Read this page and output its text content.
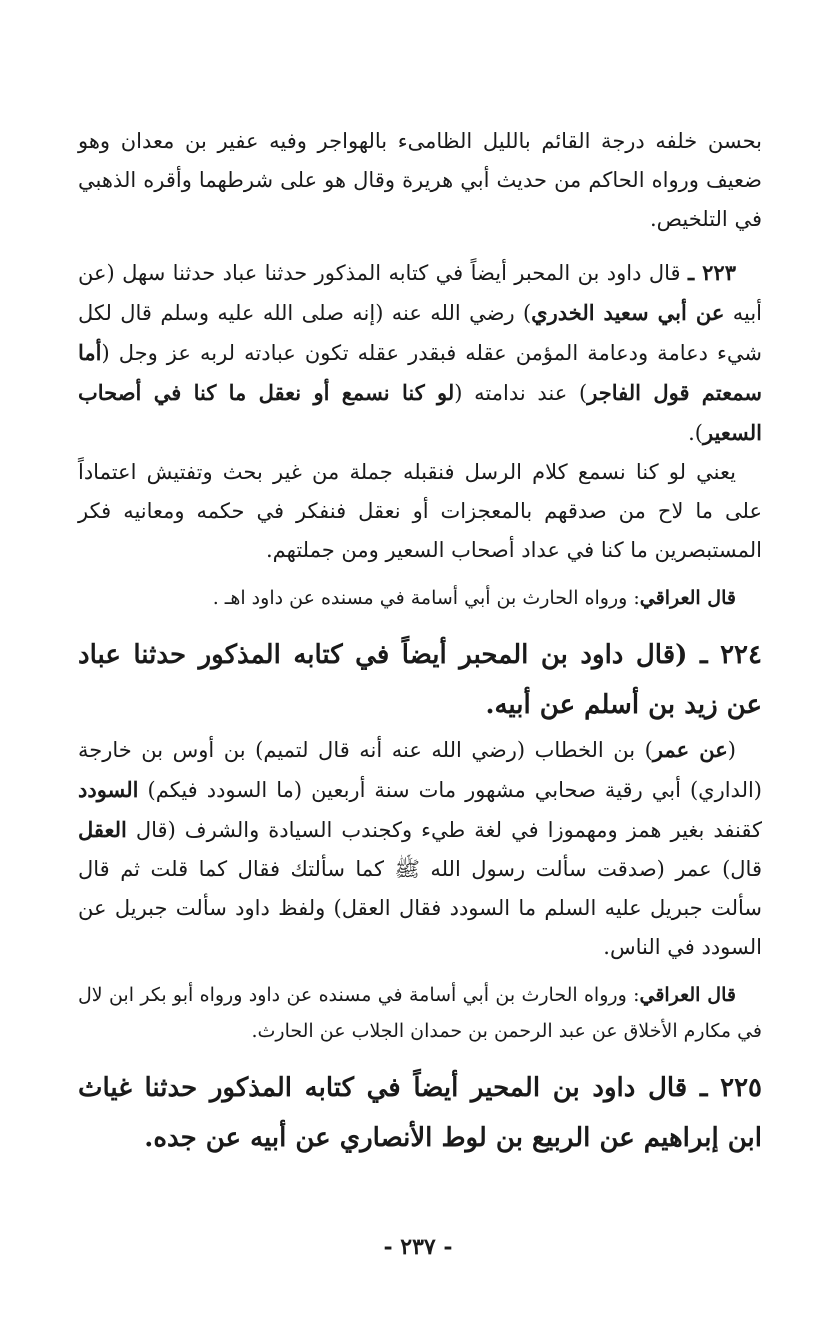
بحسن خلفه درجة القائم بالليل الظامىء بالهواجر وفيه عفير بن معدان وهو ضعيف ورواه الحاكم من حديث أبي هريرة وقال هو على شرطهما وأقره الذهبي في التلخيص.

٢٢٣ ـ قال داود بن المحبر أيضاً في كتابه المذكور حدثنا عباد حدثنا سهل (عن أبيه عن أبي سعيد الخدري) رضي الله عنه (إنه صلى الله عليه وسلم قال لكل شيء دعامة ودعامة المؤمن عقله فبقدر عقله تكون عبادته لربه عز وجل (أما سمعتم قول الفاجر) عند ندامته (لو كنا نسمع أو نعقل ما كنا في أصحاب السعير).

يعني لو كنا نسمع كلام الرسل فنقبله جملة من غير بحث وتفتيش اعتماداً على ما لاح من صدقهم بالمعجزات أو نعقل فنفكر في حكمه ومعانيه فكر المستبصرين ما كنا في عداد أصحاب السعير ومن جملتهم.

قال العراقي: ورواه الحارث بن أبي أسامة في مسنده عن داود اهـ .

٢٢٤ ـ (قال داود بن المحبر أيضاً في كتابه المذكور حدثنا عباد عن زيد بن أسلم عن أبيه.

(عن عمر) بن الخطاب (رضي الله عنه أنه قال لتميم) بن أوس بن خارجة (الداري) أبي رقية صحابي مشهور مات سنة أربعين (ما السودد فيكم) السودد كقنفد بغير همز ومهموزا في لغة طيء وكجندب السيادة والشرف (قال العقل قال) عمر (صدقت سألت رسول الله ﷺ كما سألتك فقال كما قلت ثم قال سألت جبريل عليه السلم ما السودد فقال العقل) ولفظ داود سألت جبريل عن السودد في الناس.

قال العراقي: ورواه الحارث بن أبي أسامة في مسنده عن داود ورواه أبو بكر ابن لال في مكارم الأخلاق عن عبد الرحمن بن حمدان الجلاب عن الحارث.

٢٢٥ ـ قال داود بن المحير أيضاً في كتابه المذكور حدثنا غياث ابن إبراهيم عن الربيع بن لوط الأنصاري عن أبيه عن جده.

- ٢٣٧ -
